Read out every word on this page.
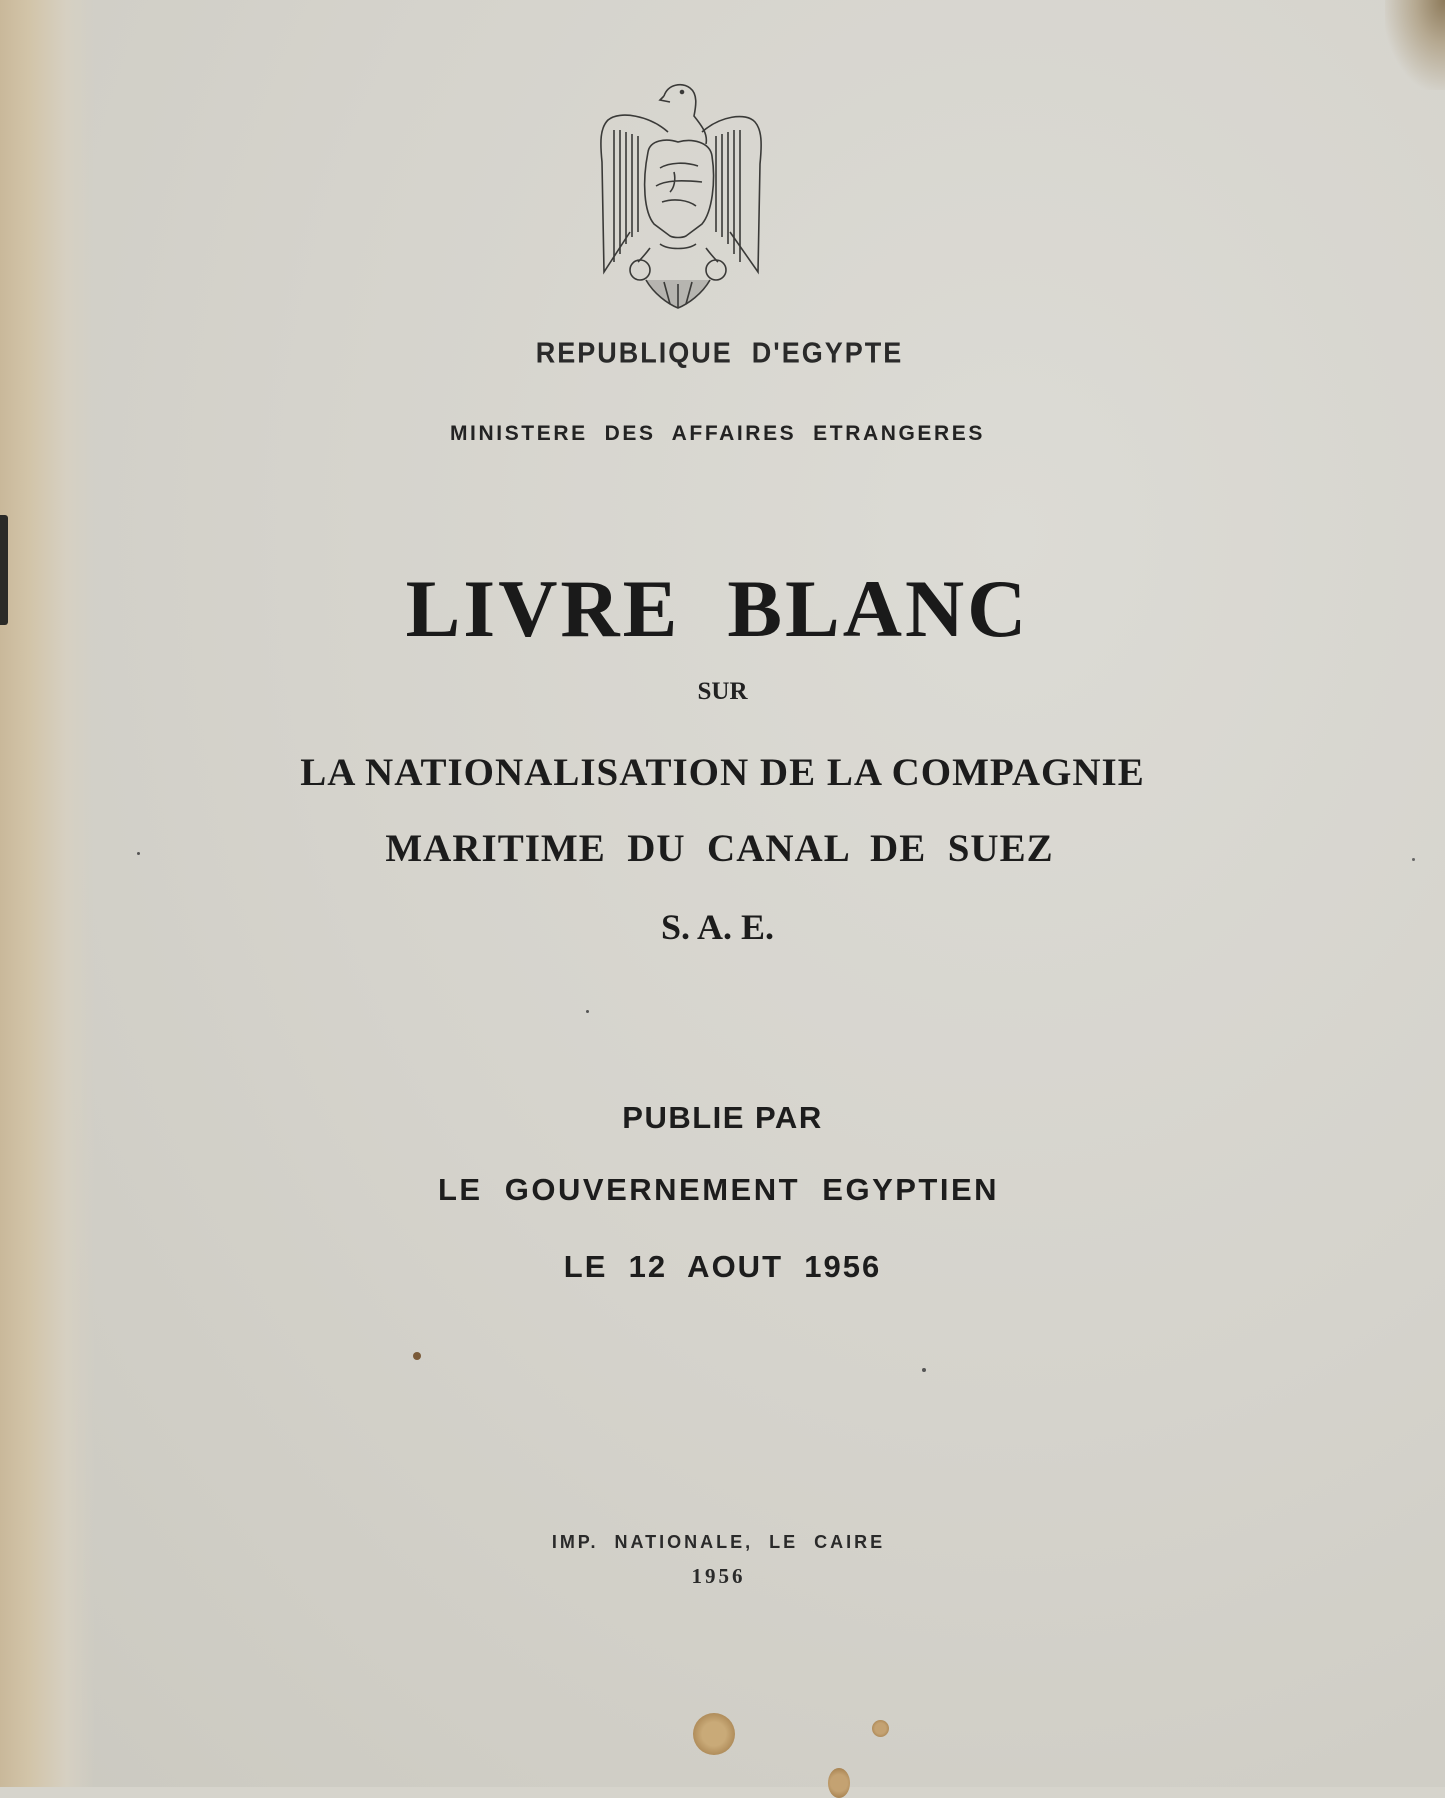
REPUBLIQUE  D'EGYPTE
MINISTERE  DES  AFFAIRES  ETRANGERES
LIVRE  BLANC
SUR
LA NATIONALISATION DE LA COMPAGNIE
MARITIME  DU  CANAL  DE  SUEZ
S. A. E.
PUBLIE PAR
LE  GOUVERNEMENT  EGYPTIEN
LE  12  AOUT  1956
IMP.  NATIONALE,  LE  CAIRE
1956
